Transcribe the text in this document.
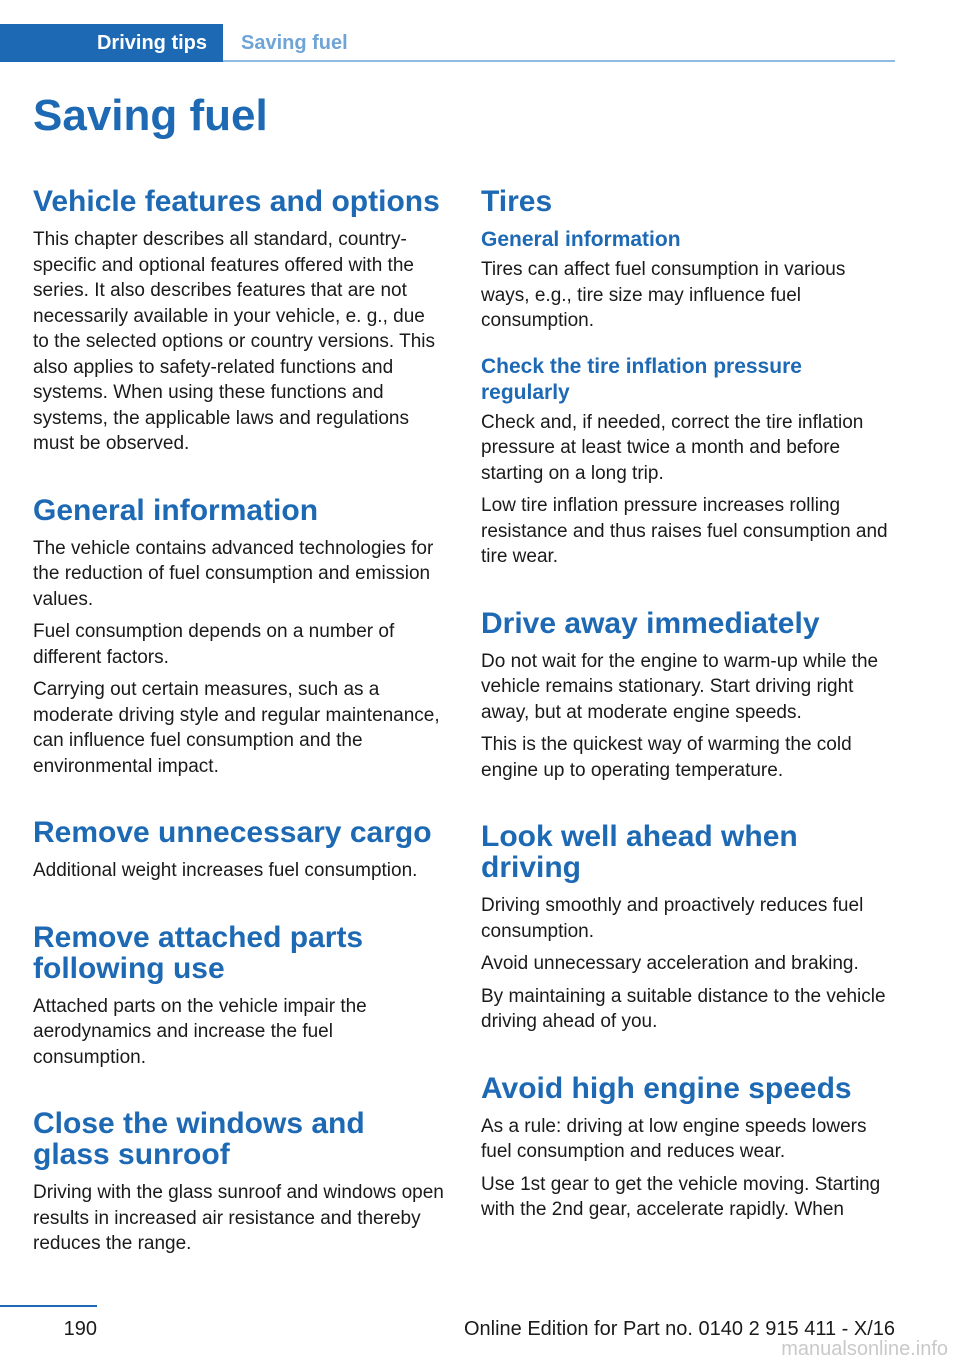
Driving tips Saving fuel
Saving fuel
Vehicle features and options

This chapter describes all standard, country-specific and optional features offered with the series. It also describes features that are not necessarily available in your vehicle, e. g., due to the selected options or country versions. This also applies to safety-related functions and systems. When using these functions and systems, the applicable laws and regulations must be observed.

General information

The vehicle contains advanced technologies for the reduction of fuel consumption and emission values.

Fuel consumption depends on a number of different factors.

Carrying out certain measures, such as a moderate driving style and regular maintenance, can influence fuel consumption and the environmental impact.

Remove unnecessary cargo

Additional weight increases fuel consumption.

Remove attached parts following use

Attached parts on the vehicle impair the aerodynamics and increase the fuel consumption.

Close the windows and glass sunroof

Driving with the glass sunroof and windows open results in increased air resistance and thereby reduces the range.

Tires
General information

Tires can affect fuel consumption in various ways, e.g., tire size may influence fuel consumption.

Check the tire inflation pressure regularly

Check and, if needed, correct the tire inflation pressure at least twice a month and before starting on a long trip.

Low tire inflation pressure increases rolling resistance and thus raises fuel consumption and tire wear.

Drive away immediately

Do not wait for the engine to warm-up while the vehicle remains stationary. Start driving right away, but at moderate engine speeds.

This is the quickest way of warming the cold engine up to operating temperature.

Look well ahead when driving

Driving smoothly and proactively reduces fuel consumption.

Avoid unnecessary acceleration and braking.

By maintaining a suitable distance to the vehicle driving ahead of you.

Avoid high engine speeds

As a rule: driving at low engine speeds lowers fuel consumption and reduces wear.

Use 1st gear to get the vehicle moving. Starting with the 2nd gear, accelerate rapidly. When

190	Online Edition for Part no. 0140 2 915 411 - X/16
manualsonline.info
